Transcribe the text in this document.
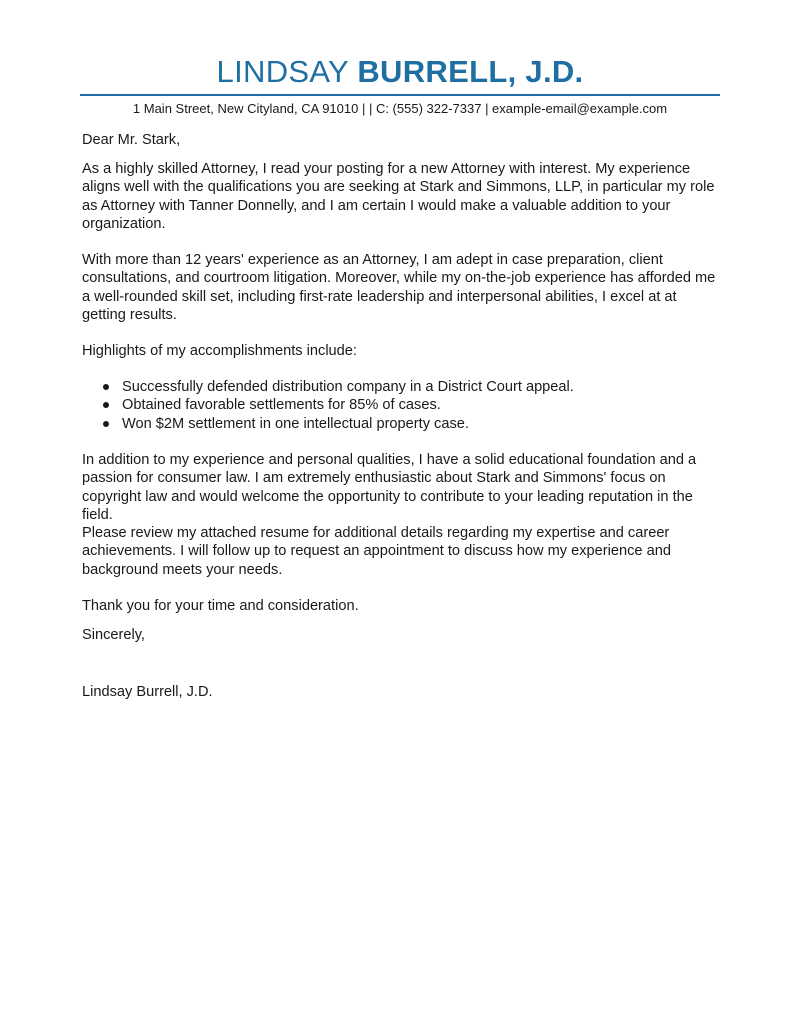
LINDSAY BURRELL, J.D.
1 Main Street, New Cityland, CA 91010 | | C: (555) 322-7337 | example-email@example.com

Dear Mr. Stark,

As a highly skilled Attorney, I read your posting for a new Attorney with interest. My experience aligns well with the qualifications you are seeking at Stark and Simmons, LLP, in particular my role as Attorney with Tanner Donnelly, and I am certain I would make a valuable addition to your organization.

With more than 12 years' experience as an Attorney, I am adept in case preparation, client consultations, and courtroom litigation. Moreover, while my on-the-job experience has afforded me a well-rounded skill set, including first-rate leadership and interpersonal abilities, I excel at at getting results.

Highlights of my accomplishments include:

Successfully defended distribution company in a District Court appeal.
Obtained favorable settlements for 85% of cases.
Won $2M settlement in one intellectual property case.

In addition to my experience and personal qualities, I have a solid educational foundation and a passion for consumer law. I am extremely enthusiastic about Stark and Simmons' focus on copyright law and would welcome the opportunity to contribute to your leading reputation in the field.

Please review my attached resume for additional details regarding my expertise and career achievements. I will follow up to request an appointment to discuss how my experience and background meets your needs.

Thank you for your time and consideration.

Sincerely,

Lindsay Burrell, J.D.
